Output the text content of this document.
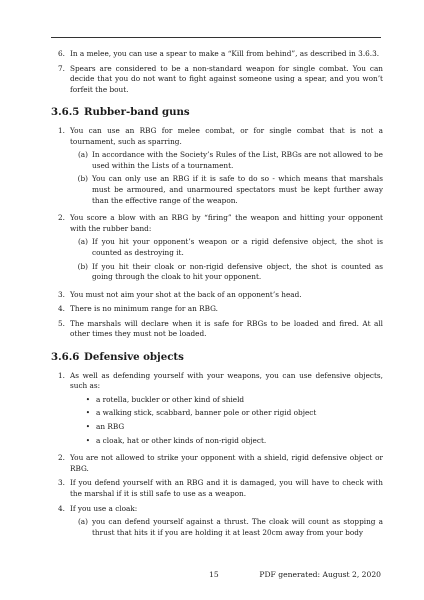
6. In a melee, you can use a spear to make a “Kill from behind”, as described in 3.6.3.
7. Spears are considered to be a non-standard weapon for single combat. You can decide that you do not want to fight against someone using a spear, and you won’t forfeit the bout.
3.6.5 Rubber-band guns
1. You can use an RBG for melee combat, or for single combat that is not a tournament, such as sparring.
(a) In accordance with the Society’s Rules of the List, RBGs are not allowed to be used within the Lists of a tournament.
(b) You can only use an RBG if it is safe to do so - which means that marshals must be armoured, and unarmoured spectators must be kept further away than the effective range of the weapon.
2. You score a blow with an RBG by “firing” the weapon and hitting your opponent with the rubber band:
(a) If you hit your opponent’s weapon or a rigid defensive object, the shot is counted as destroying it.
(b) If you hit their cloak or non-rigid defensive object, the shot is counted as going through the cloak to hit your opponent.
3. You must not aim your shot at the back of an opponent’s head.
4. There is no minimum range for an RBG.
5. The marshals will declare when it is safe for RBGs to be loaded and fired. At all other times they must not be loaded.
3.6.6 Defensive objects
1. As well as defending yourself with your weapons, you can use defensive objects, such as:
• a rotella, buckler or other kind of shield
• a walking stick, scabbard, banner pole or other rigid object
• an RBG
• a cloak, hat or other kinds of non-rigid object.
2. You are not allowed to strike your opponent with a shield, rigid defensive object or RBG.
3. If you defend yourself with an RBG and it is damaged, you will have to check with the marshal if it is still safe to use as a weapon.
4. If you use a cloak:
(a) you can defend yourself against a thrust. The cloak will count as stopping a thrust that hits it if you are holding it at least 20cm away from your body
15	PDF generated: August 2, 2020
